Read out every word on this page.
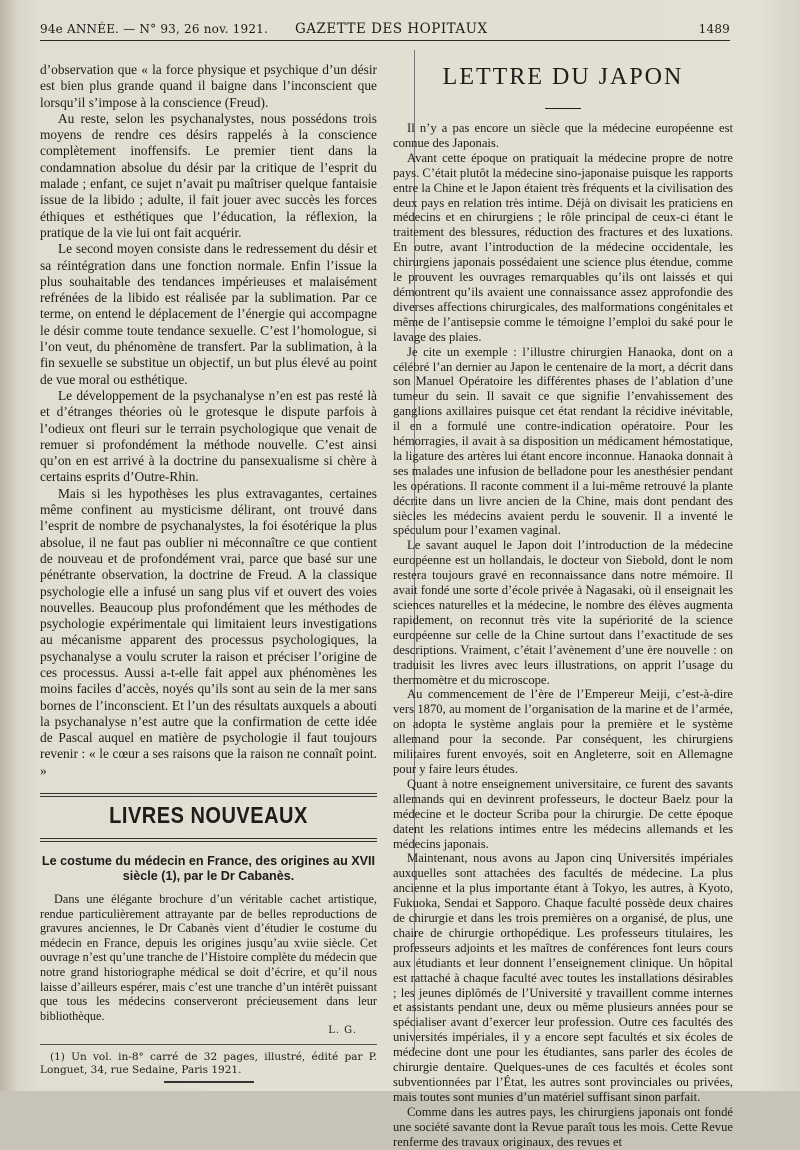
94e ANNÉE. — N° 93, 26 nov. 1921. GAZETTE DES HOPITAUX	1489

d’observation que « la force physique et psychique d’un désir est bien plus grande quand il baigne dans l’inconscient que lorsqu’il s’impose à la conscience (Freud).

Au reste, selon les psychanalystes, nous possédons trois moyens de rendre ces désirs rappelés à la conscience complètement inoffensifs. Le premier tient dans la condamnation absolue du désir par la critique de l’esprit du malade ; enfant, ce sujet n’avait pu maîtriser quelque fantaisie issue de la libido ; adulte, il fait jouer avec succès les forces éthiques et esthétiques que l’éducation, la réflexion, la pratique de la vie lui ont fait acquérir.

Le second moyen consiste dans le redressement du désir et sa réintégration dans une fonction normale. Enfin l’issue la plus souhaitable des tendances impérieuses et malaisément refrénées de la libido est réalisée par la sublimation. Par ce terme, on entend le déplacement de l’énergie qui accompagne le désir comme toute tendance sexuelle. C’est l’homologue, si l’on veut, du phénomène de transfert. Par la sublimation, à la fin sexuelle se substitue un objectif, un but plus élevé au point de vue moral ou esthétique.

Le développement de la psychanalyse n’en est pas resté là et d’étranges théories où le grotesque le dispute parfois à l’odieux ont fleuri sur le terrain psychologique que venait de remuer si profondément la méthode nouvelle. C’est ainsi qu’on en est arrivé à la doctrine du pansexualisme si chère à certains esprits d’Outre-Rhin.

Mais si les hypothèses les plus extravagantes, certaines même confinent au mysticisme délirant, ont trouvé dans l’esprit de nombre de psychanalystes, la foi ésotérique la plus absolue, il ne faut pas oublier ni méconnaître ce que contient de nouveau et de profondément vrai, parce que basé sur une pénétrante observation, la doctrine de Freud. A la classique psychologie elle a infusé un sang plus vif et ouvert des voies nouvelles. Beaucoup plus profondément que les méthodes de psychologie expérimentale qui limitaient leurs investigations au mécanisme apparent des processus psychologiques, la psychanalyse a voulu scruter la raison et préciser l’origine de ces processus. Aussi a-t-elle fait appel aux phénomènes les moins faciles d’accès, noyés qu’ils sont au sein de la mer sans bornes de l’inconscient. Et l’un des résultats auxquels a abouti la psychanalyse n’est autre que la confirmation de cette idée de Pascal auquel en matière de psychologie il faut toujours revenir : « le cœur a ses raisons que la raison ne connaît point. »

LIVRES NOUVEAUX
Le costume du médecin en France, des origines au XVII siècle (1), par le Dr Cabanès.

Dans une élégante brochure d’un véritable cachet artistique, rendue particulièrement attrayante par de belles reproductions de gravures anciennes, le Dr Cabanès vient d’étudier le costume du médecin en France, depuis les origines jusqu’au xviie siècle. Cet ouvrage n’est qu’une tranche de l’Histoire complète du médecin que notre grand historiographe médical se doit d’écrire, et qu’il nous laisse d’ailleurs espérer, mais c’est une tranche d’un intérêt puissant que tous les médecins conserveront précieusement dans leur bibliothèque.

L. G.

(1) Un vol. in-8° carré de 32 pages, illustré, édité par P. Longuet, 34, rue Sedaine, Paris 1921.

LETTRE DU JAPON

Il n’y a pas encore un siècle que la médecine européenne est connue des Japonais.

Avant cette époque on pratiquait la médecine propre de notre pays. C’était plutôt la médecine sino-japonaise puisque les rapports entre la Chine et le Japon étaient très fréquents et la civilisation des deux pays en relation très intime. Déjà on divisait les praticiens en médecins et en chirurgiens ; le rôle principal de ceux-ci étant le traitement des blessures, réduction des fractures et des luxations. En outre, avant l’introduction de la médecine occidentale, les chirurgiens japonais possédaient une science plus étendue, comme le prouvent les ouvrages remarquables qu’ils ont laissés et qui démontrent qu’ils avaient une connaissance assez approfondie des diverses affections chirurgicales, des malformations congénitales et même de l’antisepsie comme le témoigne l’emploi du saké pour le lavage des plaies.

Je cite un exemple : l’illustre chirurgien Hanaoka, dont on a célébré l’an dernier au Japon le centenaire de la mort, a décrit dans son Manuel Opératoire les différentes phases de l’ablation d’une tumeur du sein. Il savait ce que signifie l’envahissement des ganglions axillaires puisque cet état rendant la récidive inévitable, il en a formulé une contre-indication opératoire. Pour les hémorragies, il avait à sa disposition un médicament hémostatique, la ligature des artères lui étant encore inconnue. Hanaoka donnait à ses malades une infusion de belladone pour les anesthésier pendant les opérations. Il raconte comment il a lui-même retrouvé la plante décrite dans un livre ancien de la Chine, mais dont pendant des siècles les médecins avaient perdu le souvenir. Il a inventé le spéculum pour l’examen vaginal.

Le savant auquel le Japon doit l’introduction de la médecine européenne est un hollandais, le docteur von Siebold, dont le nom restera toujours gravé en reconnaissance dans notre mémoire. Il avait fondé une sorte d’école privée à Nagasaki, où il enseignait les sciences naturelles et la médecine, le nombre des élèves augmenta rapidement, on reconnut très vite la supériorité de la science européenne sur celle de la Chine surtout dans l’exactitude de ses descriptions. Vraiment, c’était l’avènement d’une ère nouvelle : on traduisit les livres avec leurs illustrations, on apprit l’usage du thermomètre et du microscope.

Au commencement de l’ère de l’Empereur Meiji, c’est-à-dire vers 1870, au moment de l’organisation de la marine et de l’armée, on adopta le système anglais pour la première et le système allemand pour la seconde. Par conséquent, les chirurgiens militaires furent envoyés, soit en Angleterre, soit en Allemagne pour y faire leurs études.

Quant à notre enseignement universitaire, ce furent des savants allemands qui en devinrent professeurs, le docteur Baelz pour la médecine et le docteur Scriba pour la chirurgie. De cette époque datent les relations intimes entre les médecins allemands et les médecins japonais.

Maintenant, nous avons au Japon cinq Universités impériales auxquelles sont attachées des facultés de médecine. La plus ancienne et la plus importante étant à Tokyo, les autres, à Kyoto, Fukuoka, Sendai et Sapporo. Chaque faculté possède deux chaires de chirurgie et dans les trois premières on a organisé, de plus, une chaire de chirurgie orthopédique. Les professeurs titulaires, les professeurs adjoints et les maîtres de conférences font leurs cours aux étudiants et leur donnent l’enseignement clinique. Un hôpital est rattaché à chaque faculté avec toutes les installations désirables ; les jeunes diplômés de l’Université y travaillent comme internes et assistants pendant une, deux ou même plusieurs années pour se spécialiser avant d’exercer leur profession. Outre ces facultés des universités impériales, il y a encore sept facultés et six écoles de médecine dont une pour les étudiantes, sans parler des écoles de chirurgie dentaire. Quelques-unes de ces facultés et écoles sont subventionnées par l’État, les autres sont provinciales ou privées, mais toutes sont munies d’un matériel suffisant sinon parfait.

Comme dans les autres pays, les chirurgiens japonais ont fondé une société savante dont la Revue paraît tous les mois. Cette Revue renferme des travaux originaux, des revues et
